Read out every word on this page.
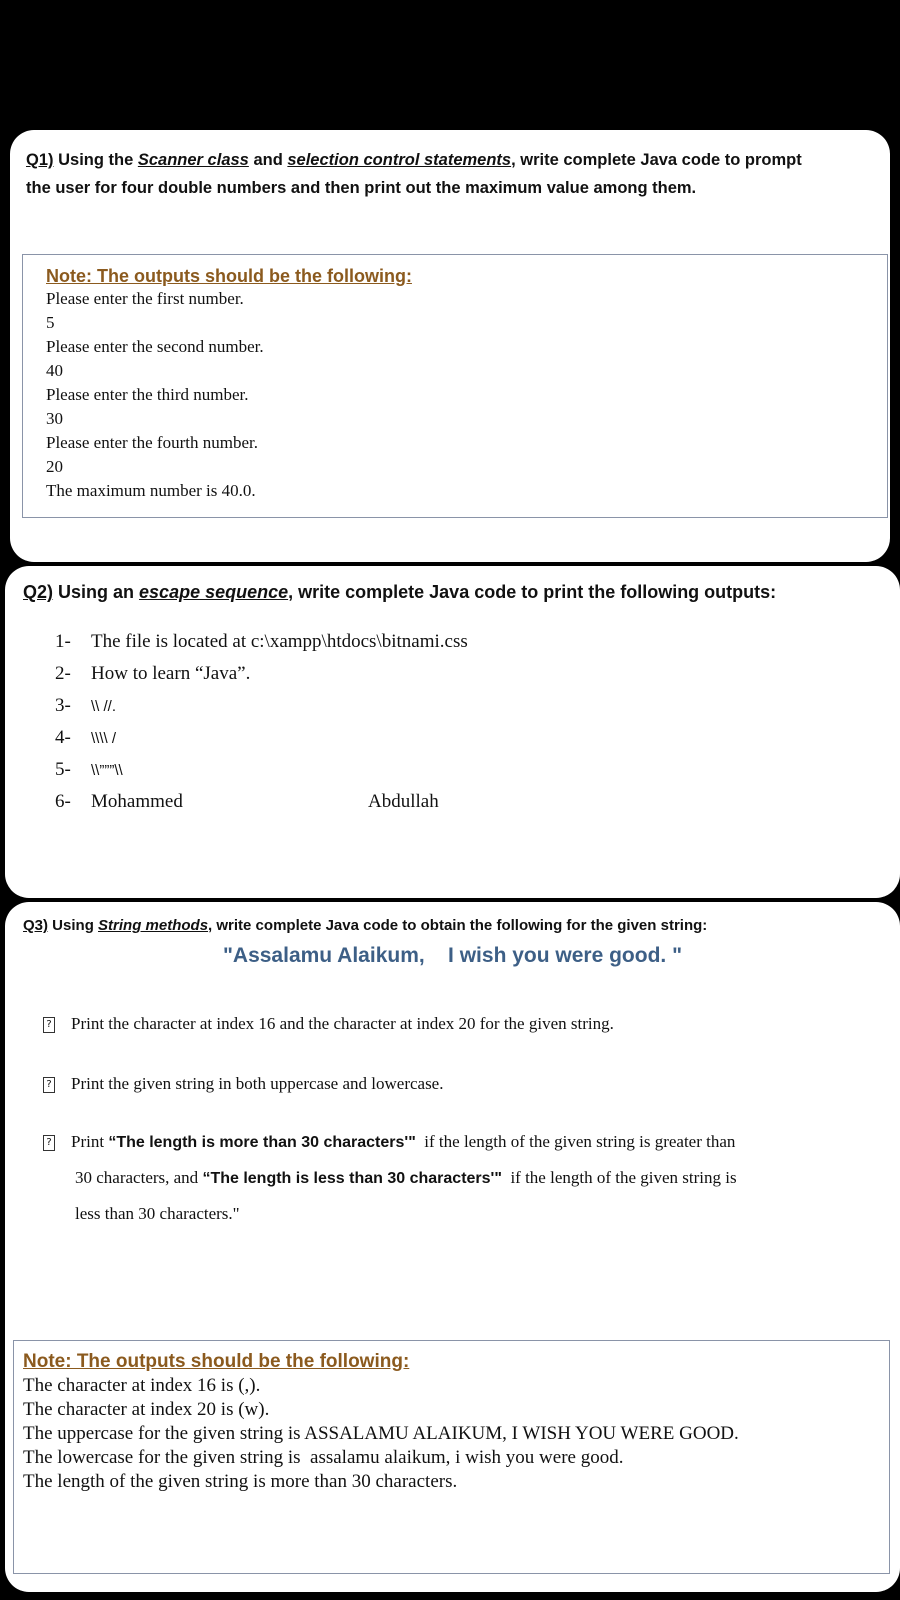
Q1) Using the Scanner class and selection control statements, write complete Java code to prompt
the user for four double numbers and then print out the maximum value among them.
Note: The outputs should be the following:
Please enter the first number.
5
Please enter the second number.
40
Please enter the third number.
30
Please enter the fourth number.
20
The maximum number is 40.0.
Q2) Using an escape sequence, write complete Java code to print the following outputs:
1- The file is located at c:\xampp\htdocs\bitnami.css
2- How to learn “Java”.
3- \\ //.
4- \\\\ /
5- \\”””\\
6- Mohammed	Abdullah
Q3) Using String methods, write complete Java code to obtain the following for the given string:
"Assalamu Alaikum,    I wish you were good. "
? Print the character at index 16 and the character at index 20 for the given string.
? Print the given string in both uppercase and lowercase.
? Print “The length is more than 30 characters'"  if the length of the given string is greater than
30 characters, and “The length is less than 30 characters'"  if the length of the given string is
less than 30 characters."
Note: The outputs should be the following:
The character at index 16 is (,).
The character at index 20 is (w).
The uppercase for the given string is ASSALAMU ALAIKUM, I WISH YOU WERE GOOD.
The lowercase for the given string is  assalamu alaikum, i wish you were good.
The length of the given string is more than 30 characters.
